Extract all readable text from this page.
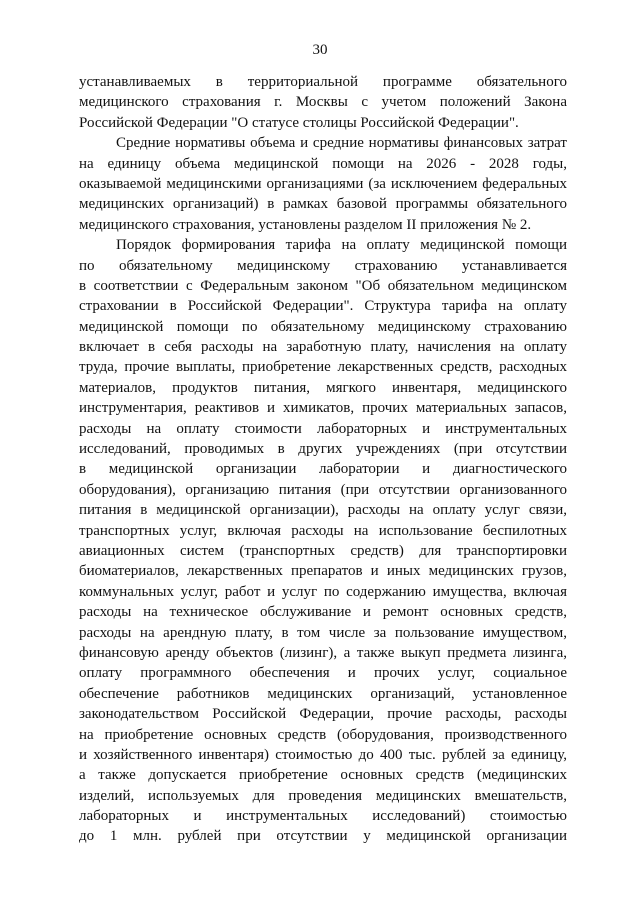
30
устанавливаемых в территориальной программе обязательного
медицинского страхования г. Москвы с учетом положений Закона
Российской Федерации "О статусе столицы Российской Федерации".
Средние нормативы объема и средние нормативы финансовых затрат
на единицу объема медицинской помощи на 2026 - 2028 годы,
оказываемой медицинскими организациями (за исключением федеральных
медицинских организаций) в рамках базовой программы обязательного
медицинского страхования, установлены разделом II приложения № 2.
Порядок формирования тарифа на оплату медицинской помощи
по обязательному медицинскому страхованию устанавливается
в соответствии с Федеральным законом "Об обязательном медицинском
страховании в Российской Федерации". Структура тарифа на оплату
медицинской помощи по обязательному медицинскому страхованию
включает в себя расходы на заработную плату, начисления на оплату
труда, прочие выплаты, приобретение лекарственных средств, расходных
материалов, продуктов питания, мягкого инвентаря, медицинского
инструментария, реактивов и химикатов, прочих материальных запасов,
расходы на оплату стоимости лабораторных и инструментальных
исследований, проводимых в других учреждениях (при отсутствии
в медицинской организации лаборатории и диагностического
оборудования), организацию питания (при отсутствии организованного
питания в медицинской организации), расходы на оплату услуг связи,
транспортных услуг, включая расходы на использование беспилотных
авиационных систем (транспортных средств) для транспортировки
биоматериалов, лекарственных препаратов и иных медицинских грузов,
коммунальных услуг, работ и услуг по содержанию имущества, включая
расходы на техническое обслуживание и ремонт основных средств,
расходы на арендную плату, в том числе за пользование имуществом,
финансовую аренду объектов (лизинг), а также выкуп предмета лизинга,
оплату программного обеспечения и прочих услуг, социальное
обеспечение работников медицинских организаций, установленное
законодательством Российской Федерации, прочие расходы, расходы
на приобретение основных средств (оборудования, производственного
и хозяйственного инвентаря) стоимостью до 400 тыс. рублей за единицу,
а также допускается приобретение основных средств (медицинских
изделий, используемых для проведения медицинских вмешательств,
лабораторных и инструментальных исследований) стоимостью
до 1 млн. рублей при отсутствии у медицинской организации
